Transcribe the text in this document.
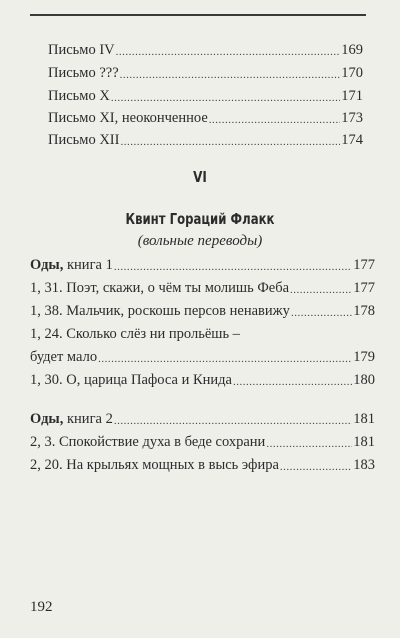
Письмо IV .....	169
Письмо ??? .....	170
Письмо X .....	171
Письмо XI, неоконченное .....	173
Письмо XII .....	174
VI
Квинт Гораций Флакк
(вольные переводы)
Оды, книга 1 .....	177
1, 31. Поэт, скажи, о чём ты молишь Феба .....	177
1, 38. Мальчик, роскошь персов ненавижу .....	178
1, 24. Сколько слёз ни прольёшь –
будет мало .....	179
1, 30. О, царица Пафоса и Книда .....	180
Оды, книга 2 .....	181
2, 3. Спокойствие духа в беде сохрани .....	181
2, 20. На крыльях мощных в высь эфира .....	183
192
